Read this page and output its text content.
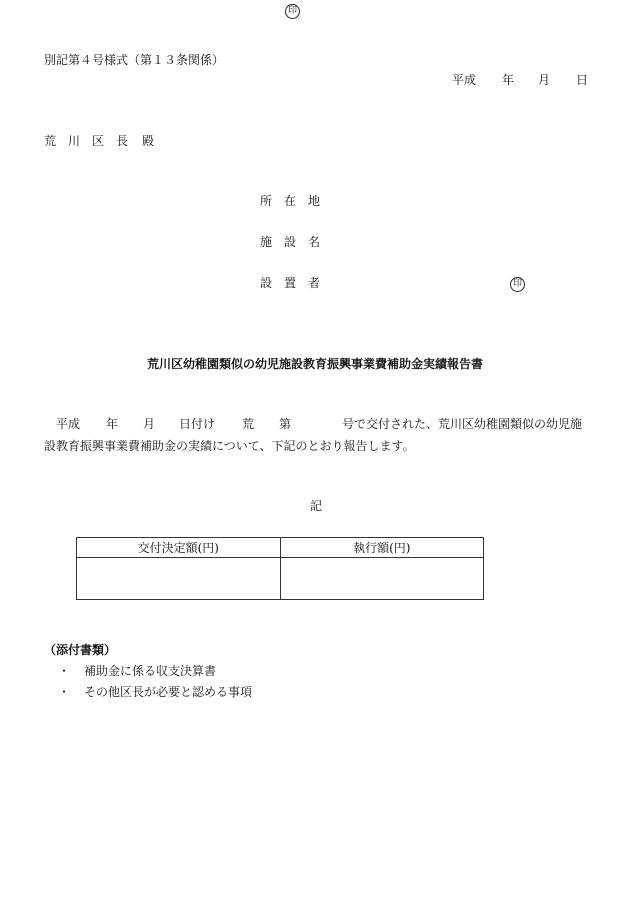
印
別記第４号様式（第１３条関係）
平成 年 月 日
荒　川　区　長 殿
所　在　地
施　設　名
設　置　者	印
荒川区幼稚園類似の幼児施設教育振興事業費補助金実績報告書
平成 年 月 日付け 荒 第	号で交付された、荒川区幼稚園類似の幼児施
設教育振興事業費補助金の実績について、下記のとおり報告します。
記
交付決定額(円)	執行額(円)

（添付書類）
・ 補助金に係る収支決算書
・ その他区長が必要と認める事項
